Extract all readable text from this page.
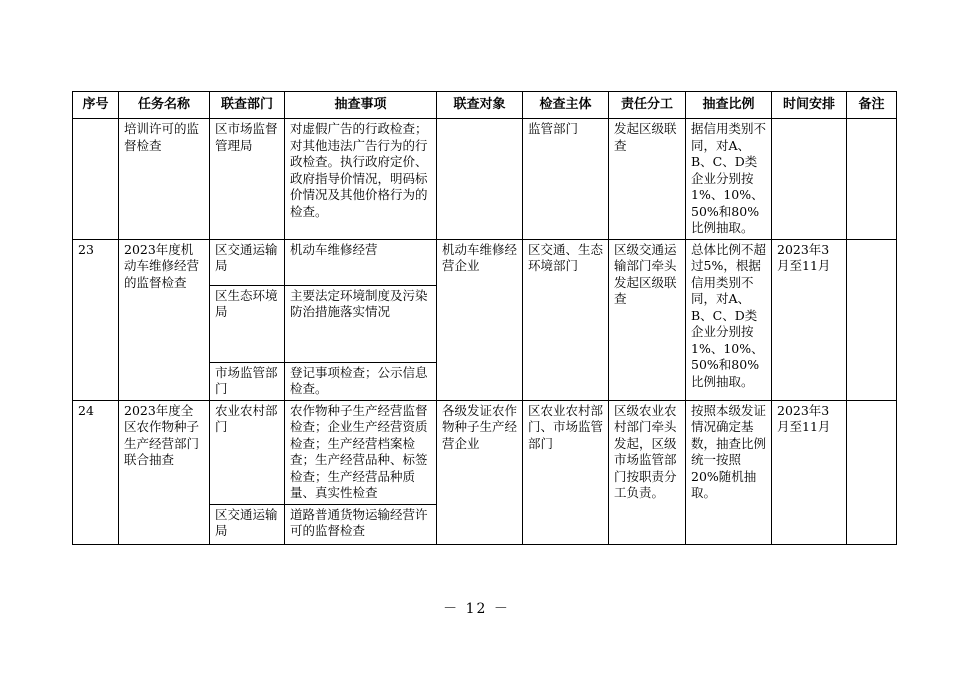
序号	任务名称	联查部门	抽查事项	联查对象	检查主体	责任分工	抽查比例	时间安排	备注
	培训许可的监督检查	区市场监督管理局	对虚假广告的行政检查；对其他违法广告行为的行政检查。执行政府定价、政府指导价情况，明码标价情况及其他价格行为的检查。		监管部门	发起区级联查	据信用类别不同，对A、B、C、D类企业分别按1%、10%、50%和80%比例抽取。		
23	2023年度机动车维修经营的监督检查	区交通运输局	机动车维修经营	机动车维修经营企业	区交通、生态环境部门	区级交通运输部门牵头发起区级联查	总体比例不超过5%，根据信用类别不同，对A、B、C、D类企业分别按1%、10%、50%和80%比例抽取。	2023年3月至11月	
		区生态环境局	主要法定环境制度及污染防治措施落实情况						
		市场监管部门	登记事项检查；公示信息检查。						
24	2023年度全区农作物种子生产经营部门联合抽查	农业农村部门	农作物种子生产经营监督检查；企业生产经营资质检查；生产经营档案检查；生产经营品种、标签检查；生产经营品种质量、真实性检查	各级发证农作物种子生产经营企业	区农业农村部门、市场监管部门	区级农业农村部门牵头发起，区级市场监管部门按职责分工负责。	按照本级发证情况确定基数，抽查比例统一按照20%随机抽取。	2023年3月至11月	
		区交通运输局	道路普通货物运输经营许可的监督检查						
－ 12 －
